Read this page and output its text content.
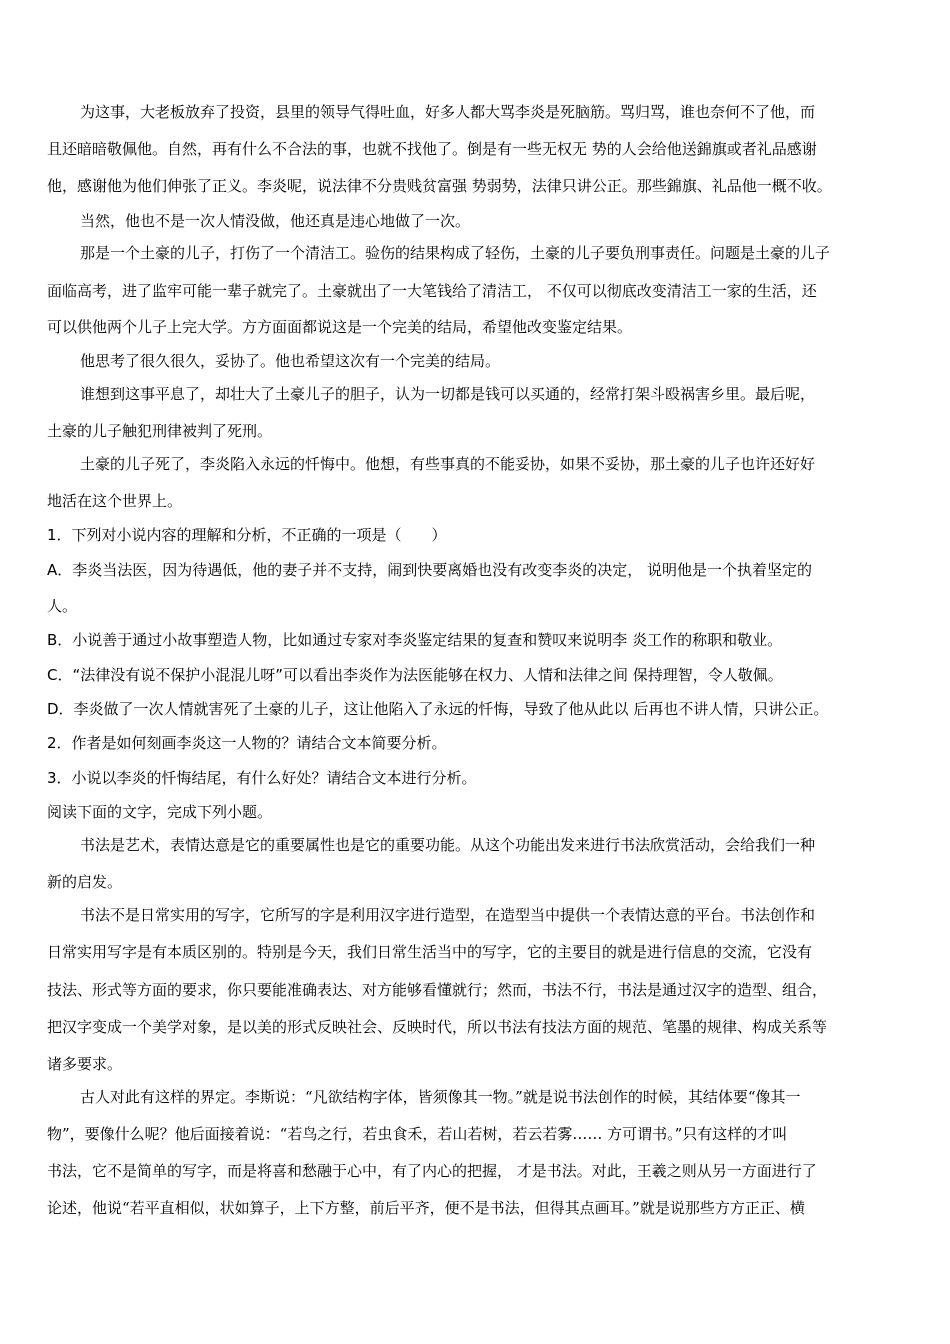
为这事，大老板放弃了投资，县里的领导气得吐血，好多人都大骂李炎是死脑筋。骂归骂，谁也奈何不了他，而

且还暗暗敬佩他。自然，再有什么不合法的事，也就不找他了。倒是有一些无权无 势的人会给他送錦旗或者礼品感谢

他，感谢他为他们伸张了正义。李炎呢，说法律不分贵贱贫富强 势弱势，法律只讲公正。那些錦旗、礼品他一概不收。

当然，他也不是一次人情没做，他还真是违心地做了一次。

那是一个土豪的儿子，打伤了一个清洁工。验伤的结果构成了轻伤，土豪的儿子要负刑事责任。问题是土豪的儿子

面临高考，进了监牢可能一辈子就完了。土豪就出了一大笔钱给了清洁工， 不仅可以彻底改变清洁工一家的生活，还

可以供他两个儿子上完大学。方方面面都说这是一个完美的结局，希望他改变鉴定结果。

他思考了很久很久，妥协了。他也希望这次有一个完美的结局。

谁想到这事平息了，却壮大了土豪儿子的胆子，认为一切都是钱可以买通的，经常打架斗殴祸害乡里。最后呢，

土豪的儿子触犯刑律被判了死刑。

土豪的儿子死了，李炎陷入永远的忏悔中。他想，有些事真的不能妥协，如果不妥协，那土豪的儿子也许还好好

地活在这个世界上。

1．下列对小说内容的理解和分析，不正确的一项是（　　）

A．李炎当法医，因为待遇低，他的妻子并不支持，闹到快要离婚也没有改变李炎的决定， 说明他是一个执着坚定的

人。

B．小说善于通过小故事塑造人物，比如通过专家对李炎鉴定结果的复查和赞叹来说明李 炎工作的称职和敬业。

C．“法律没有说不保护小混混儿呀”可以看出李炎作为法医能够在权力、人情和法律之间 保持理智，令人敬佩。

D．李炎做了一次人情就害死了土豪的儿子，这让他陷入了永远的忏悔，导致了他从此以 后再也不讲人情，只讲公正。

2．作者是如何刻画李炎这一人物的？请结合文本简要分析。

3．小说以李炎的忏悔结尾，有什么好处？请结合文本进行分析。

阅读下面的文字，完成下列小题。

书法是艺术，表情达意是它的重要属性也是它的重要功能。从这个功能出发来进行书法欣赏活动，会给我们一种

新的启发。

书法不是日常实用的写字，它所写的字是利用汉字进行造型，在造型当中提供一个表情达意的平台。书法创作和

日常实用写字是有本质区别的。特别是今天，我们日常生活当中的写字，它的主要目的就是进行信息的交流，它没有

技法、形式等方面的要求，你只要能准确表达、对方能够看懂就行；然而，书法不行，书法是通过汉字的造型、组合，

把汉字变成一个美学对象，是以美的形式反映社会、反映时代，所以书法有技法方面的规范、笔墨的规律、构成关系等

诸多要求。

古人对此有这样的界定。李斯说：“凡欲结构字体，皆须像其一物。”就是说书法创作的时候，其结体要“像其一

物”，要像什么呢？他后面接着说：“若鸟之行，若虫食禾，若山若树，若云若雾…… 方可谓书。”只有这样的才叫

书法，它不是简单的写字，而是将喜和愁融于心中，有了内心的把握， 才是书法。对此，王羲之则从另一方面进行了

论述，他说“若平直相似，状如算子，上下方整，前后平齐，便不是书法，但得其点画耳。”就是说那些方方正正、横
